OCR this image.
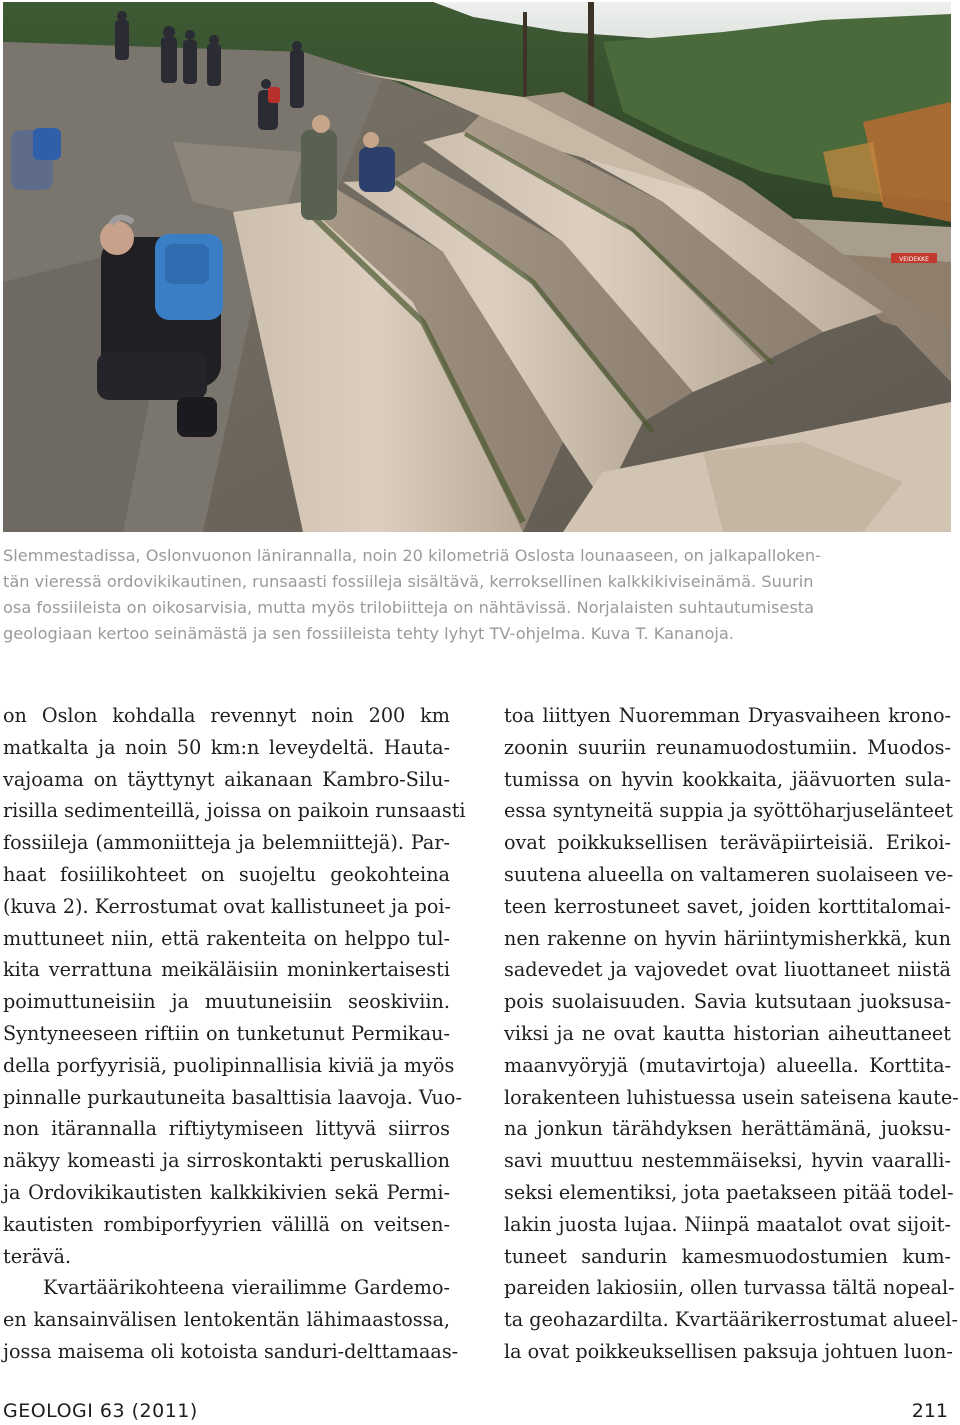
VEIDEKKE
Slemmestadissa, Oslonvuonon länirannalla, noin 20 kilometriä Oslosta lounaaseen, on jalkapalloken-
tän vieressä ordovikikautinen, runsaasti fossiileja sisältävä, kerroksellinen kalkkikiviseinämä. Suurin
osa fossiileista on oikosarvisia, mutta myös trilobiitteja on nähtävissä. Norjalaisten suhtautumisesta
geologiaan kertoo seinämästä ja sen fossiileista tehty lyhyt TV-ohjelma. Kuva T. Kananoja.
on Oslon kohdalla revennyt noin 200 km
matkalta ja noin 50 km:n leveydeltä. Hauta-
vajoama on täyttynyt aikanaan Kambro-Silu-
risilla sedimenteillä, joissa on paikoin runsaasti
fossiileja (ammoniitteja ja belemniittejä). Par-
haat fosiilikohteet on suojeltu geokohteina
(kuva 2). Kerrostumat ovat kallistuneet ja poi-
muttuneet niin, että rakenteita on helppo tul-
kita verrattuna meikäläisiin moninkertaisesti
poimuttuneisiin ja muutuneisiin seoskiviin.
Syntyneeseen riftiin on tunketunut Permikau-
della porfyyrisiä, puolipinnallisia kiviä ja myös
pinnalle purkautuneita basalttisia laavoja. Vuo-
non itärannalla riftiytymiseen littyvä siirros
näkyy komeasti ja sirroskontakti peruskallion
ja Ordovikikautisten kalkkikivien sekä Permi-
kautisten rombiporfyyrien välillä on veitsen-
terävä.
Kvartäärikohteena vierailimme Gardemo-
en kansainvälisen lentokentän lähimaastossa,
jossa maisema oli kotoista sanduri-delttamaas-
toa liittyen Nuoremman Dryasvaiheen krono-
zoonin suuriin reunamuodostumiin. Muodos-
tumissa on hyvin kookkaita, jäävuorten sula-
essa syntyneitä suppia ja syöttöharjuselänteet
ovat poikkuksellisen teräväpiirteisiä. Erikoi-
suutena alueella on valtameren suolaiseen ve-
teen kerrostuneet savet, joiden korttitalomai-
nen rakenne on hyvin häriintymisherkkä, kun
sadevedet ja vajovedet ovat liuottaneet niistä
pois suolaisuuden. Savia kutsutaan juoksusa-
viksi ja ne ovat kautta historian aiheuttaneet
maanvyöryjä (mutavirtoja) alueella. Korttita-
lorakenteen luhistuessa usein sateisena kaute-
na jonkun tärähdyksen herättämänä, juoksu-
savi muuttuu nestemmäiseksi, hyvin vaaralli-
seksi elementiksi, jota paetakseen pitää todel-
lakin juosta lujaa. Niinpä maatalot ovat sijoit-
tuneet sandurin kamesmuodostumien kum-
pareiden lakiosiin, ollen turvassa tältä nopeal-
ta geohazardilta. Kvartäärikerrostumat alueel-
la ovat poikkeuksellisen paksuja johtuen luon-
GEOLOGI 63 (2011)	211
